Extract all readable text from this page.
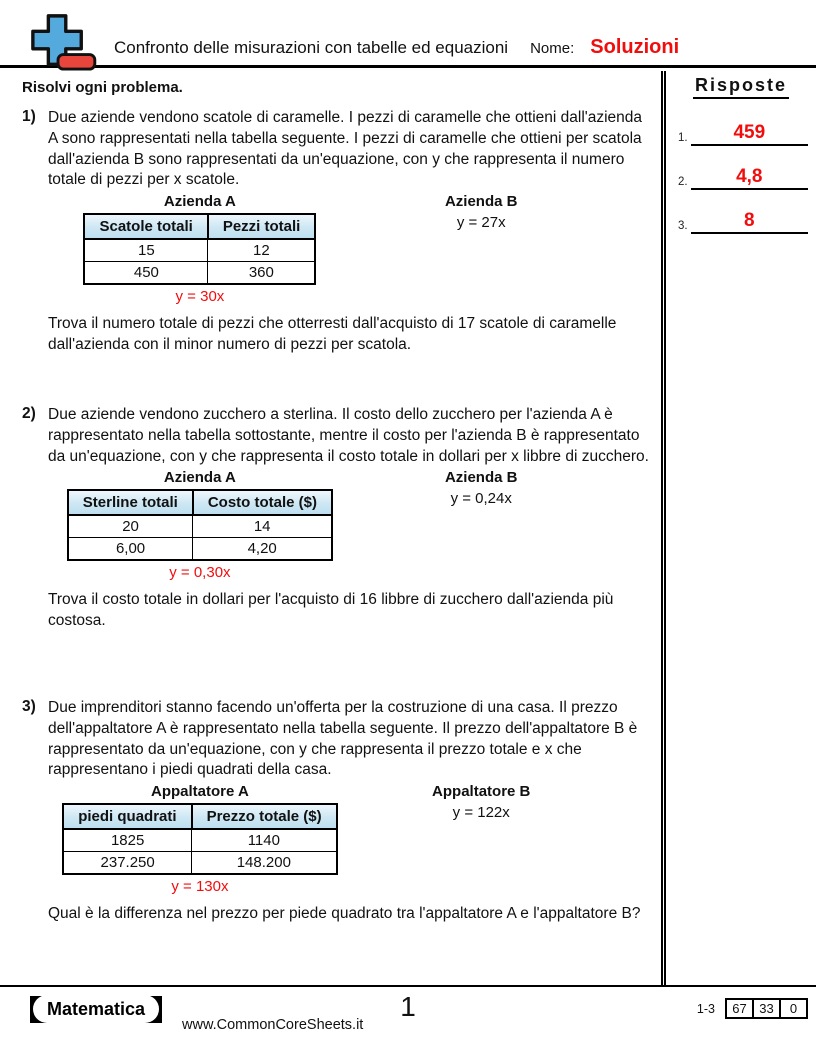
Confronto delle misurazioni con tabelle ed equazioni Nome: Soluzioni

Risolvi ogni problema.

1) Due aziende vendono scatole di caramelle. I pezzi di caramelle che ottieni dall'azienda A sono rappresentati nella tabella seguente. I pezzi di caramelle che ottieni per scatola dall'azienda B sono rappresentati da un'equazione, con y che rappresenta il numero totale di pezzi per x scatole.

Azienda A
Scatole totali	Pezzi totali
15	12
450	360
y = 30x
Azienda B
y = 27x

Trova il numero totale di pezzi che otterresti dall'acquisto di 17 scatole di caramelle dall'azienda con il minor numero di pezzi per scatola.

2) Due aziende vendono zucchero a sterlina. Il costo dello zucchero per l'azienda A è rappresentato nella tabella sottostante, mentre il costo per l'azienda B è rappresentato da un'equazione, con y che rappresenta il costo totale in dollari per x libbre di zucchero.

Azienda A
Sterline totali	Costo totale ($)
20	14
6,00	4,20
y = 0,30x
Azienda B
y = 0,24x

Trova il costo totale in dollari per l'acquisto di 16 libbre di zucchero dall'azienda più costosa.

3) Due imprenditori stanno facendo un'offerta per la costruzione di una casa. Il prezzo dell'appaltatore A è rappresentato nella tabella seguente. Il prezzo dell'appaltatore B è rappresentato da un'equazione, con y che rappresenta il prezzo totale e x che rappresentano i piedi quadrati della casa.

Appaltatore A
piedi quadrati	Prezzo totale ($)
1825	1140
237.250	148.200
y = 130x
Appaltatore B
y = 122x

Qual è la differenza nel prezzo per piede quadrato tra l'appaltatore A e l'appaltatore B?

Risposte
1.	459
2.	4,8
3.	8
Matematica
www.CommonCoreSheets.it
1	1-3	67 33	0
